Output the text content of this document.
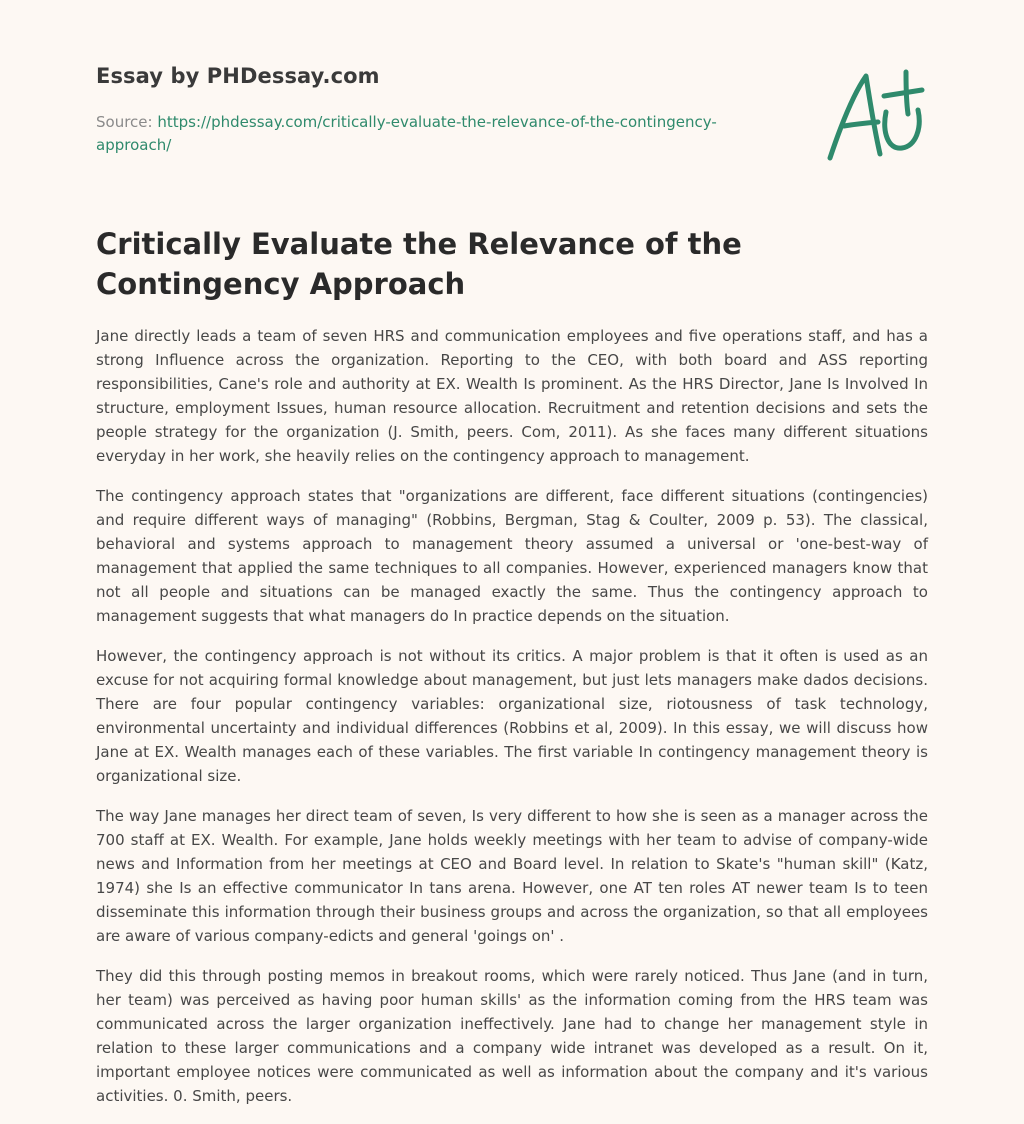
Essay by PHDessay.com
Source: https://phdessay.com/critically-evaluate-the-relevance-of-the-contingency-approach/
Critically Evaluate the Relevance of the Contingency Approach

Jane directly leads a team of seven HRS and communication employees and five operations staff, and has a strong Influence across the organization. Reporting to the CEO, with both board and ASS reporting responsibilities, Cane's role and authority at EX. Wealth Is prominent. As the HRS Director, Jane Is Involved In structure, employment Issues, human resource allocation. Recruitment and retention decisions and sets the people strategy for the organization (J. Smith, peers. Com, 2011). As she faces many different situations everyday in her work, she heavily relies on the contingency approach to management.

The contingency approach states that "organizations are different, face different situations (contingencies) and require different ways of managing" (Robbins, Bergman, Stag & Coulter, 2009 p. 53). The classical, behavioral and systems approach to management theory assumed a universal or 'one-best-way of management that applied the same techniques to all companies. However, experienced managers know that not all people and situations can be managed exactly the same. Thus the contingency approach to management suggests that what managers do In practice depends on the situation.

However, the contingency approach is not without its critics. A major problem is that it often is used as an excuse for not acquiring formal knowledge about management, but just lets managers make dados decisions. There are four popular contingency variables: organizational size, riotousness of task technology, environmental uncertainty and individual differences (Robbins et al, 2009). In this essay, we will discuss how Jane at EX. Wealth manages each of these variables. The first variable In contingency management theory is organizational size.

The way Jane manages her direct team of seven, Is very different to how she is seen as a manager across the 700 staff at EX. Wealth. For example, Jane holds weekly meetings with her team to advise of company-wide news and Information from her meetings at CEO and Board level. In relation to Skate's "human skill" (Katz, 1974) she Is an effective communicator In tans arena. However, one AT ten roles AT newer team Is to teen disseminate this information through their business groups and across the organization, so that all employees are aware of various company-edicts and general 'goings on' .

They did this through posting memos in breakout rooms, which were rarely noticed. Thus Jane (and in turn, her team) was perceived as having poor human skills' as the information coming from the HRS team was communicated across the larger organization ineffectively. Jane had to change her management style in relation to these larger communications and a company wide intranet was developed as a result. On it, important employee notices were communicated as well as information about the company and it's various activities. 0. Smith, peers.
